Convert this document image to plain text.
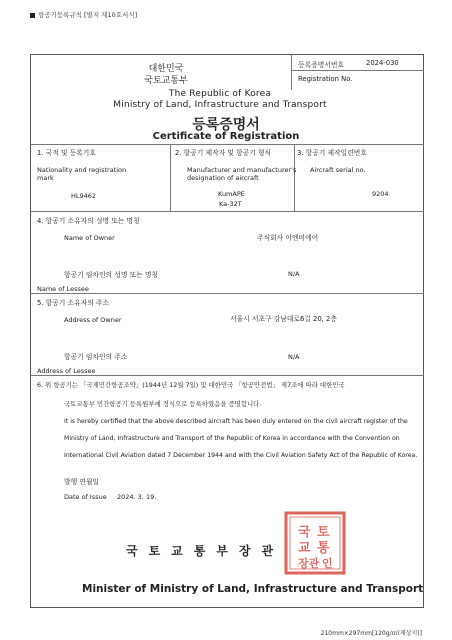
항공기등록규칙 [별지 제10호서식]
대한민국
국토교통부
The Republic of Korea
Ministry of Land, Infrastructure and Transport
등록증명서번호	2024-030
Registration No.
등록증명서
Certificate of Registration
1. 국적 및 등록기호
Nationality and registration
mark
HL9462
2. 항공기 제작자 및 항공기 형식
Manufacturer and manufacturer's
designation of aircraft
KumAPE
Ka-32T
3. 항공기 제작일련번호
Aircraft serial no.
9204
4. 항공기 소유자의 성명 또는 명칭
Name of Owner	주식회사 이엔비에어
항공기 임차인의 성명 또는 명칭	N/A
Name of Lessee
5. 항공기 소유자의 주소
Address of Owner	서울시 서초구 강남대로6길 20, 2층
항공기 임차인의 주소	N/A
Address of Lessee
6. 위 항공기는 「국제민간항공조약」(1944년 12월 7일) 및 대한민국 「항공안전법」 제7조에 따라 대한민국
국토교통부 민간항공기 등록원부에 정식으로 등록하였음을 증명합니다.
It is hereby certified that the above described aircraft has been duly entered on the civil aircraft register of the
Ministry of Land, Infrastructure and Transport of the Republic of Korea in accordance with the Convention on
International Civil Aviation dated 7 December 1944 and with the Civil Aviation Safety Act of the Republic of Korea.
발행 연월일
Date of Issue 2024. 3. 19.
국토교통부장관
Minister of Ministry of Land, Infrastructure and Transport
국 토
교 통
장관 인
210mm×297mm[120g/㎡(재상지)]
